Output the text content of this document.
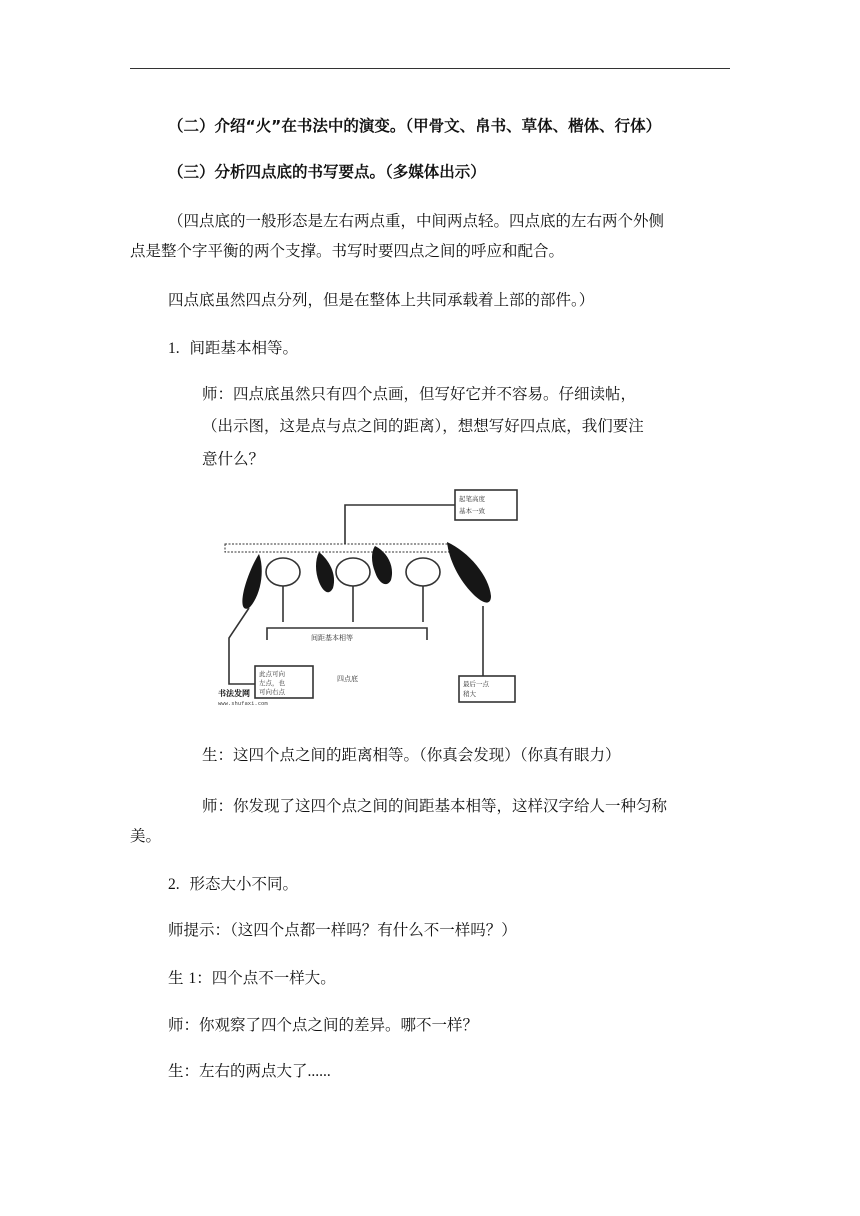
（二）介绍“火”在书法中的演变。（甲骨文、帛书、草体、楷体、行体）
（三）分析四点底的书写要点。（多媒体出示）
（四点底的一般形态是左右两点重，中间两点轻。四点底的左右两个外侧
点是整个字平衡的两个支撑。书写时要四点之间的呼应和配合。
四点底虽然四点分列，但是在整体上共同承载着上部的部件。）
1. 间距基本相等。
师：四点底虽然只有四个点画，但写好它并不容易。仔细读帖，
（出示图，这是点与点之间的距离），想想写好四点底，我们要注
意什么？
起笔高度
基本一致
间距基本相等
此点可向
左点，也
可向右点
四点底
最后一点
稍大
书法发网
www.shufaxi.com
生：这四个点之间的距离相等。（你真会发现）（你真有眼力）
师：你发现了这四个点之间的间距基本相等，这样汉字给人一种匀称
美。
2. 形态大小不同。
师提示：（这四个点都一样吗？有什么不一样吗？）
生 1：四个点不一样大。
师：你观察了四个点之间的差异。哪不一样？
生：左右的两点大了......
